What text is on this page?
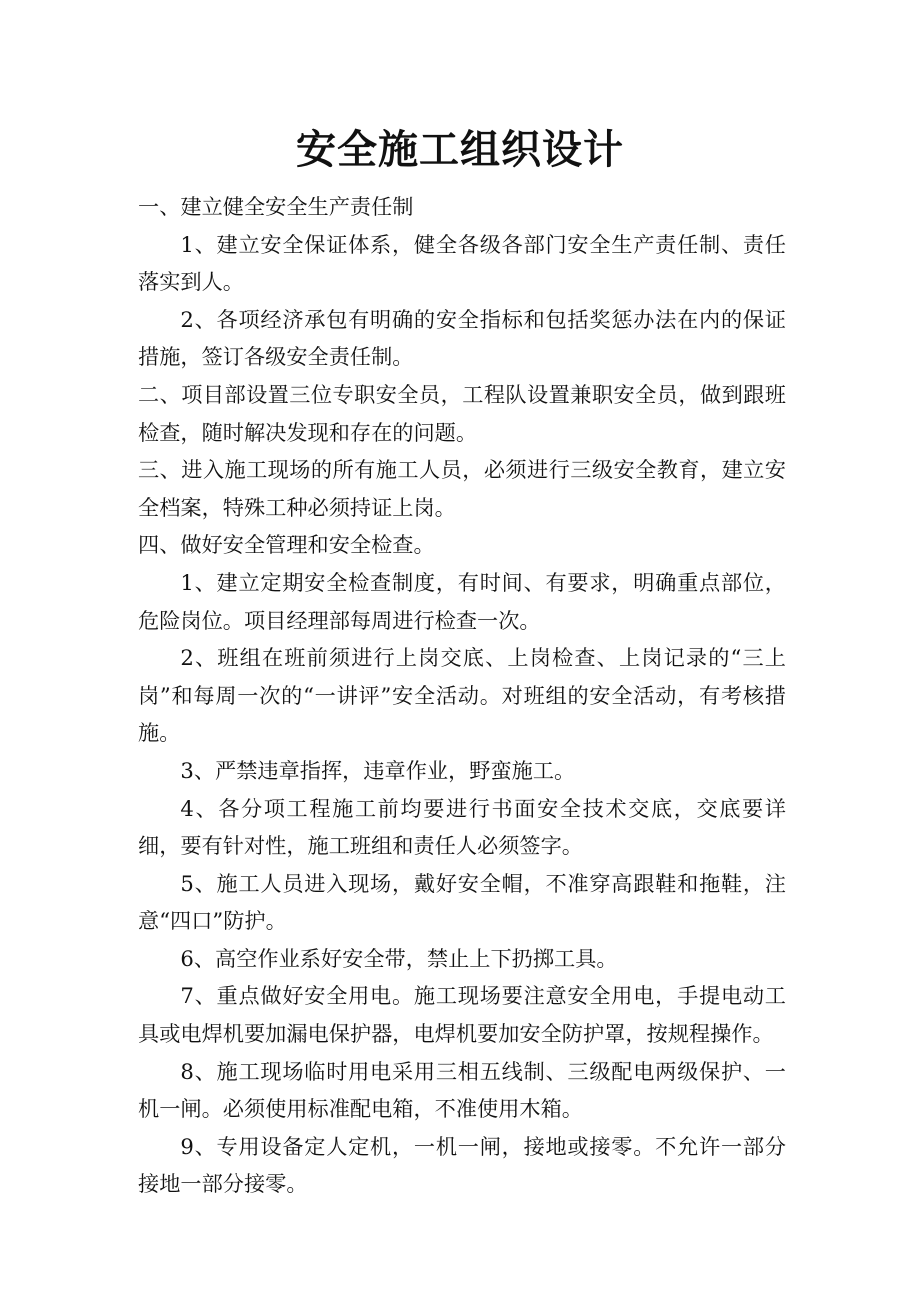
安全施工组织设计

一、建立健全安全生产责任制

1、建立安全保证体系，健全各级各部门安全生产责任制、责任落实到人。

2、各项经济承包有明确的安全指标和包括奖惩办法在内的保证措施，签订各级安全责任制。

二、项目部设置三位专职安全员，工程队设置兼职安全员，做到跟班检查，随时解决发现和存在的问题。

三、进入施工现场的所有施工人员，必须进行三级安全教育，建立安全档案，特殊工种必须持证上岗。

四、做好安全管理和安全检查。

1、建立定期安全检查制度，有时间、有要求，明确重点部位，危险岗位。项目经理部每周进行检查一次。

2、班组在班前须进行上岗交底、上岗检查、上岗记录的“三上岗”和每周一次的“一讲评”安全活动。对班组的安全活动，有考核措施。

3、严禁违章指挥，违章作业，野蛮施工。

4、各分项工程施工前均要进行书面安全技术交底，交底要详细，要有针对性，施工班组和责任人必须签字。

5、施工人员进入现场，戴好安全帽，不准穿高跟鞋和拖鞋，注意“四口”防护。

6、高空作业系好安全带，禁止上下扔掷工具。

7、重点做好安全用电。施工现场要注意安全用电，手提电动工具或电焊机要加漏电保护器，电焊机要加安全防护罩，按规程操作。

8、施工现场临时用电采用三相五线制、三级配电两级保护、一机一闸。必须使用标准配电箱，不准使用木箱。

9、专用设备定人定机，一机一闸，接地或接零。不允许一部分接地一部分接零。
